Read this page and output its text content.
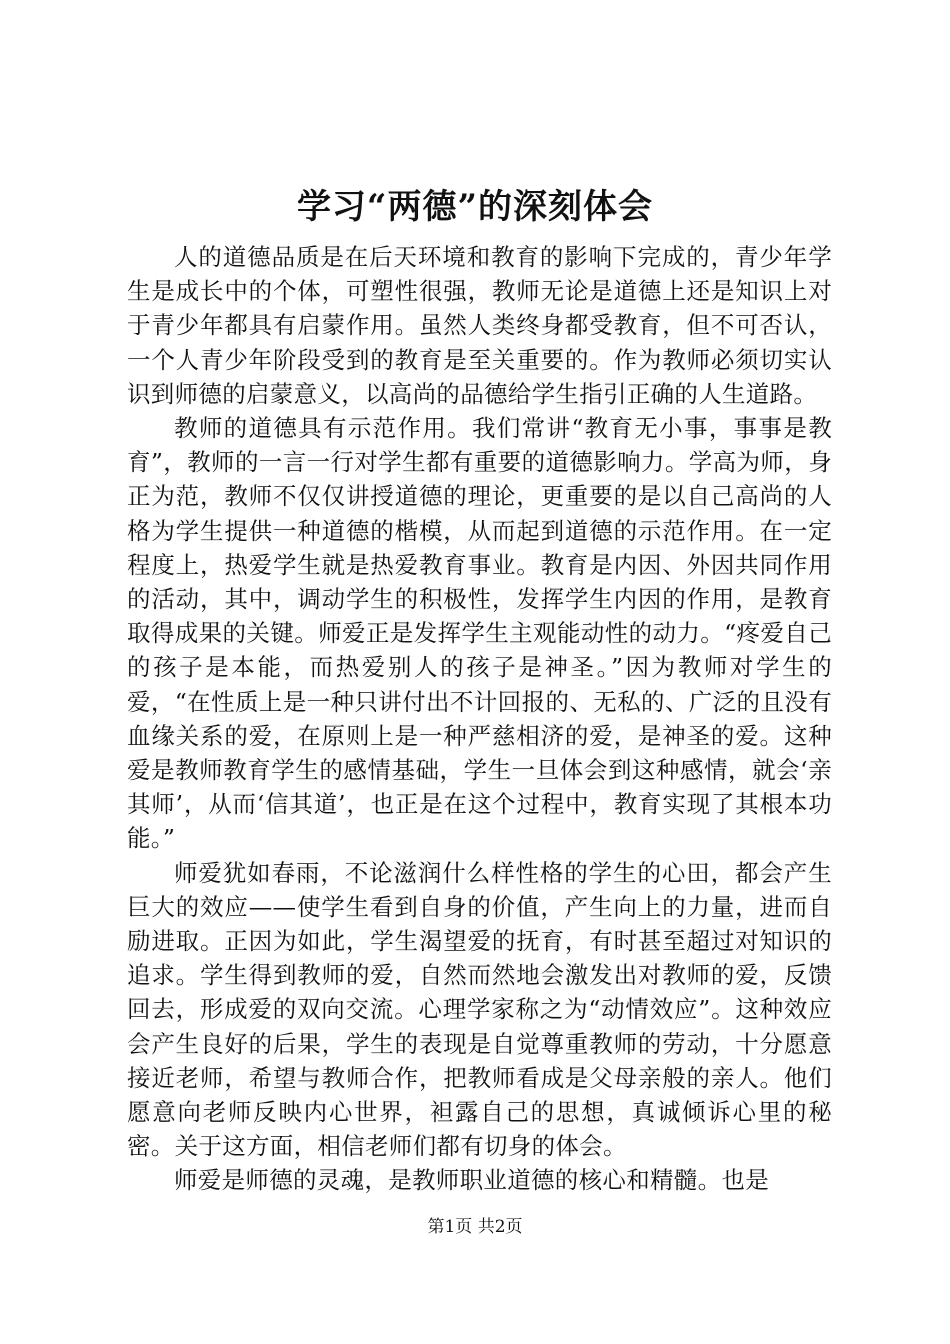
学习“两德”的深刻体会

人的道德品质是在后天环境和教育的影响下完成的，青少年学生是成长中的个体，可塑性很强，教师无论是道德上还是知识上对于青少年都具有启蒙作用。虽然人类终身都受教育，但不可否认，一个人青少年阶段受到的教育是至关重要的。作为教师必须切实认识到师德的启蒙意义，以高尚的品德给学生指引正确的人生道路。

教师的道德具有示范作用。我们常讲“教育无小事，事事是教育”，教师的一言一行对学生都有重要的道德影响力。学高为师，身正为范，教师不仅仅讲授道德的理论，更重要的是以自己高尚的人格为学生提供一种道德的楷模，从而起到道德的示范作用。在一定程度上，热爱学生就是热爱教育事业。教育是内因、外因共同作用的活动，其中，调动学生的积极性，发挥学生内因的作用，是教育取得成果的关键。师爱正是发挥学生主观能动性的动力。“疼爱自己的孩子是本能，而热爱别人的孩子是神圣。”因为教师对学生的爱，“在性质上是一种只讲付出不计回报的、无私的、广泛的且没有血缘关系的爱，在原则上是一种严慈相济的爱，是神圣的爱。这种爱是教师教育学生的感情基础，学生一旦体会到这种感情，就会‘亲其师’，从而‘信其道’，也正是在这个过程中，教育实现了其根本功能。”

师爱犹如春雨，不论滋润什么样性格的学生的心田，都会产生巨大的效应——使学生看到自身的价值，产生向上的力量，进而自励进取。正因为如此，学生渴望爱的抚育，有时甚至超过对知识的追求。学生得到教师的爱，自然而然地会激发出对教师的爱，反馈回去，形成爱的双向交流。心理学家称之为“动情效应”。这种效应会产生良好的后果，学生的表现是自觉尊重教师的劳动，十分愿意接近老师，希望与教师合作，把教师看成是父母亲般的亲人。他们愿意向老师反映内心世界，袒露自己的思想，真诚倾诉心里的秘密。关于这方面，相信老师们都有切身的体会。

师爱是师德的灵魂，是教师职业道德的核心和精髓。也是

第1页 共2页
